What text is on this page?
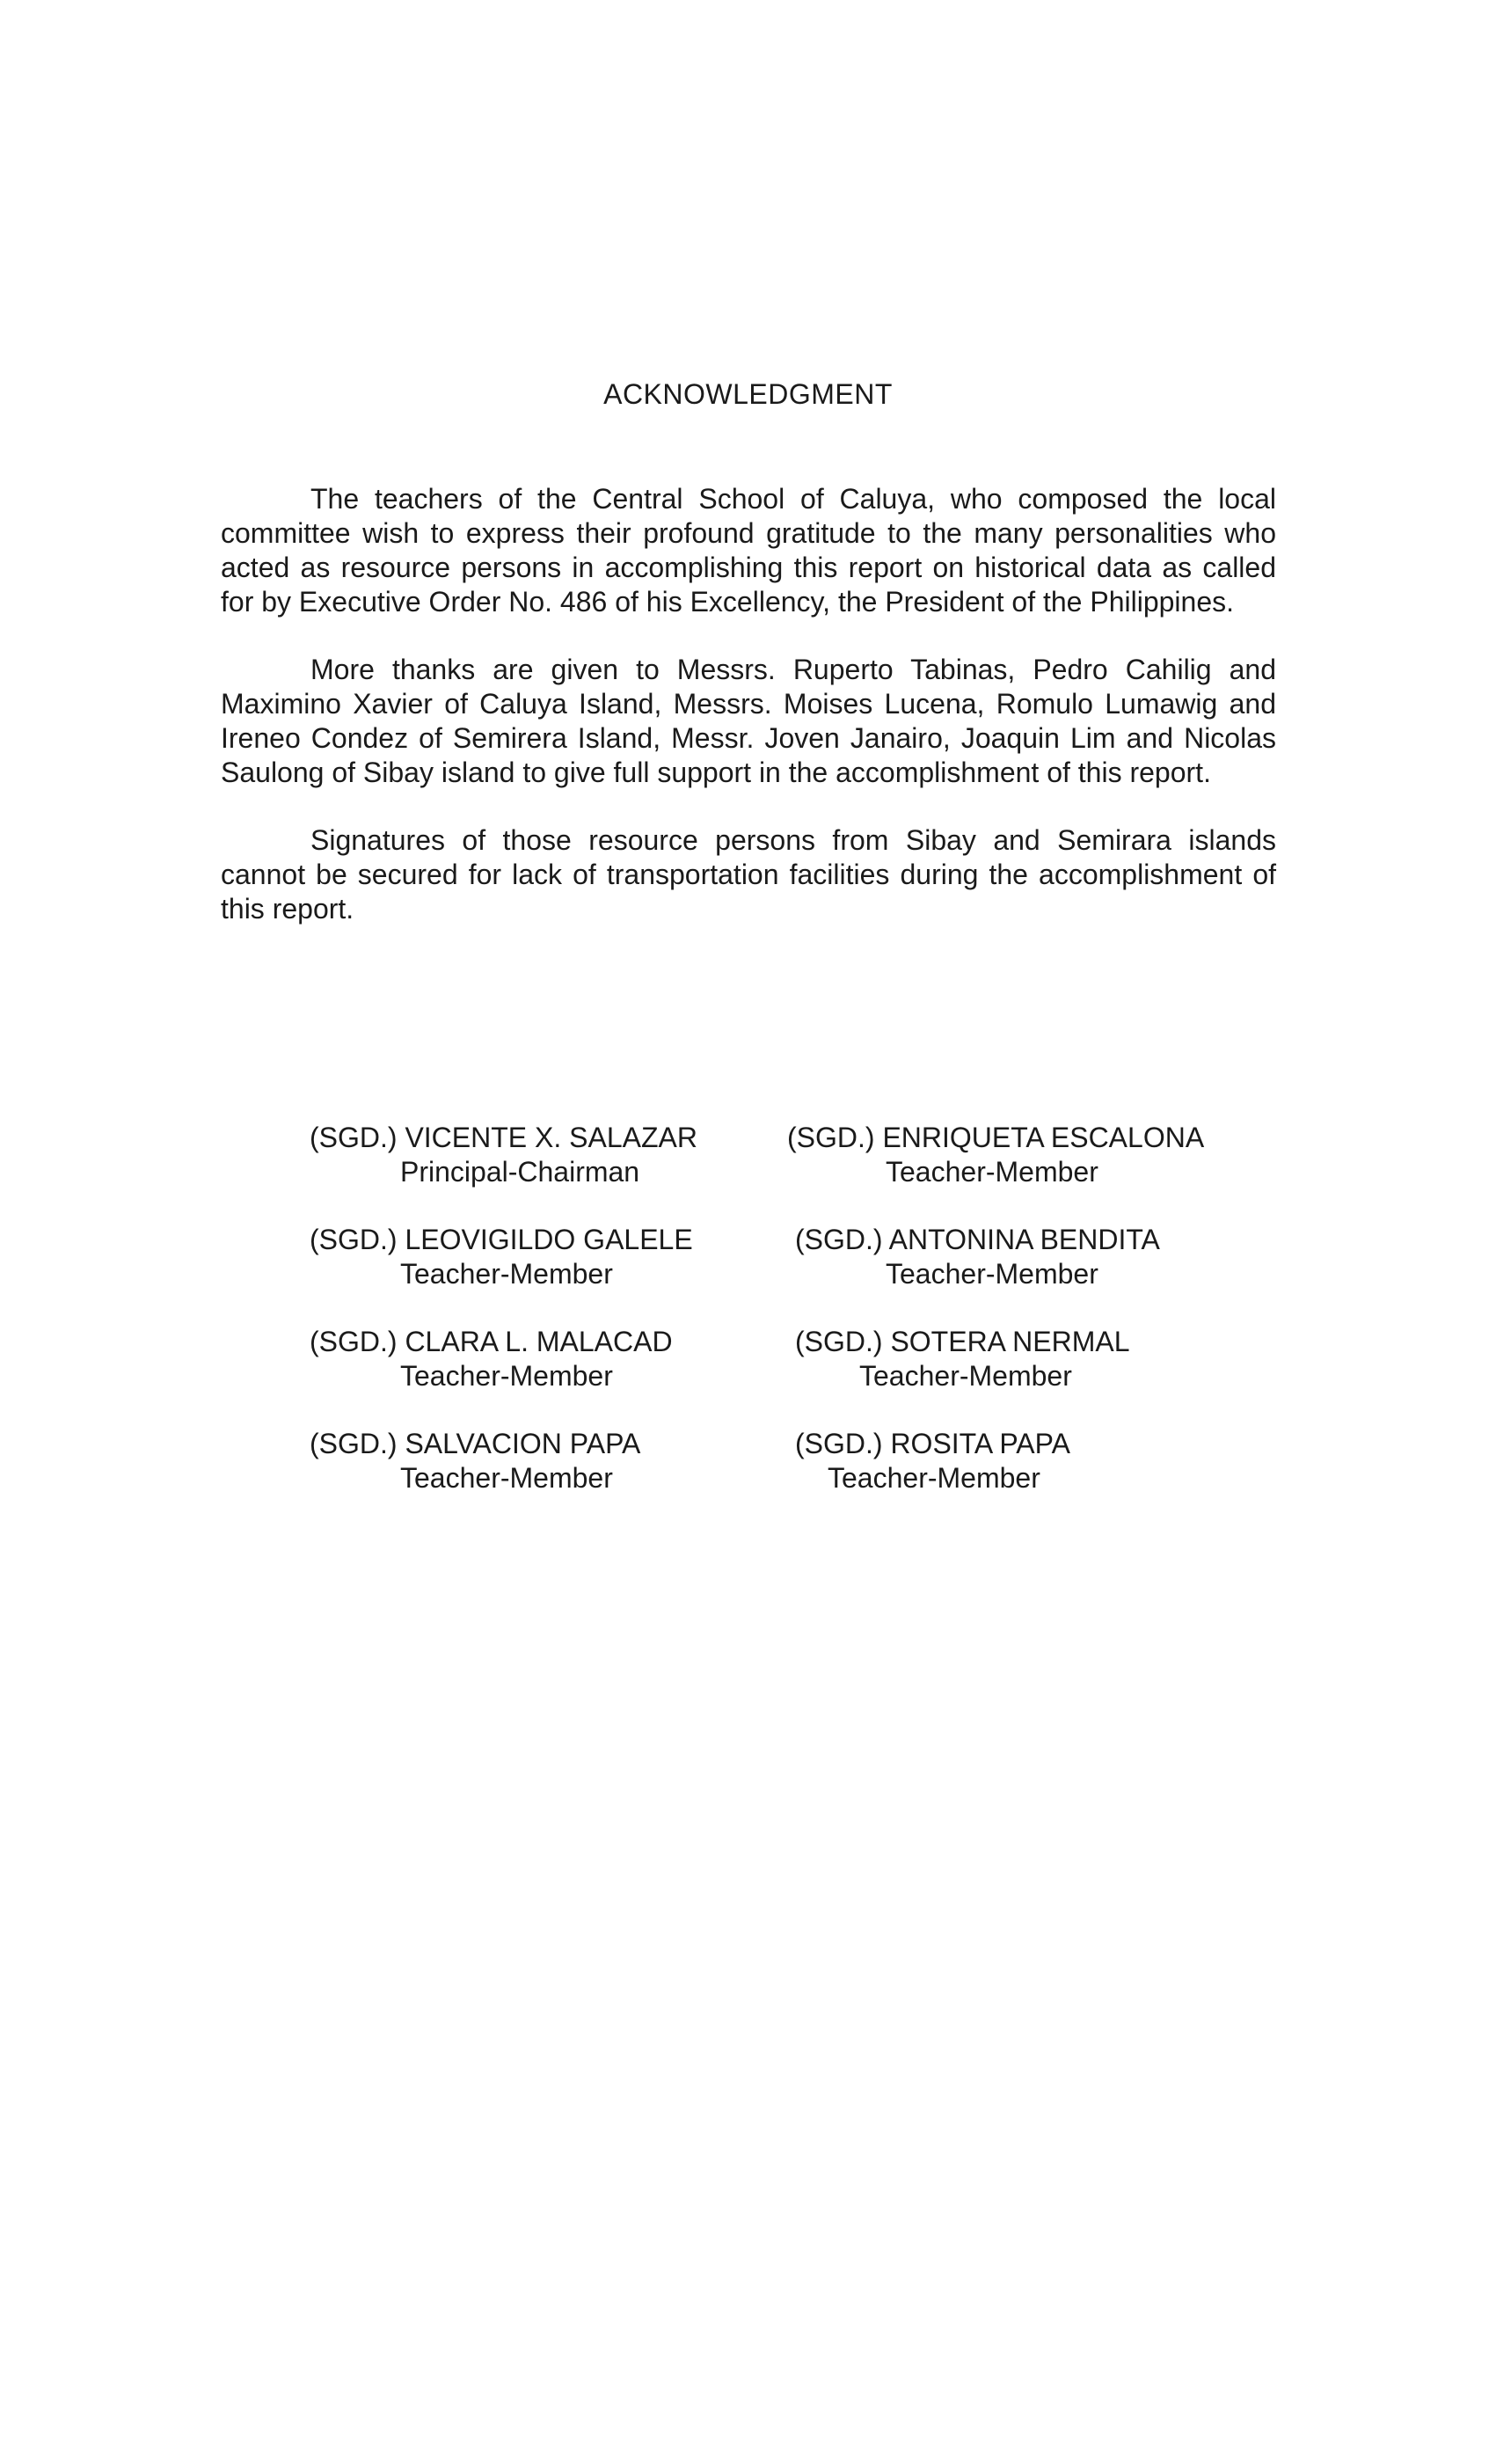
ACKNOWLEDGMENT

The teachers of the Central School of Caluya, who composed the local committee wish to express their profound gratitude to the many personalities who acted as resource persons in accomplishing this report on historical data as called for by Executive Order No. 486 of his Excellency, the President of the Philippines.

More thanks are given to Messrs. Ruperto Tabinas, Pedro Cahilig and Maximino Xavier of Caluya Island, Messrs. Moises Lucena, Romulo Lumawig and Ireneo Condez of Semirera Island, Messr. Joven Janairo, Joaquin Lim and Nicolas Saulong of Sibay island to give full support in the accomplishment of this report.

Signatures of those resource persons from Sibay and Semirara islands cannot be secured for lack of transportation facilities during the accomplishment of this report.

(SGD.) VICENTE X. SALAZAR
Principal-Chairman
(SGD.) ENRIQUETA ESCALONA
Teacher-Member
(SGD.) LEOVIGILDO GALELE
Teacher-Member
(SGD.) ANTONINA BENDITA
Teacher-Member
(SGD.) CLARA L. MALACAD
Teacher-Member
(SGD.) SOTERA NERMAL
Teacher-Member
(SGD.) SALVACION PAPA
Teacher-Member
(SGD.) ROSITA PAPA
Teacher-Member
